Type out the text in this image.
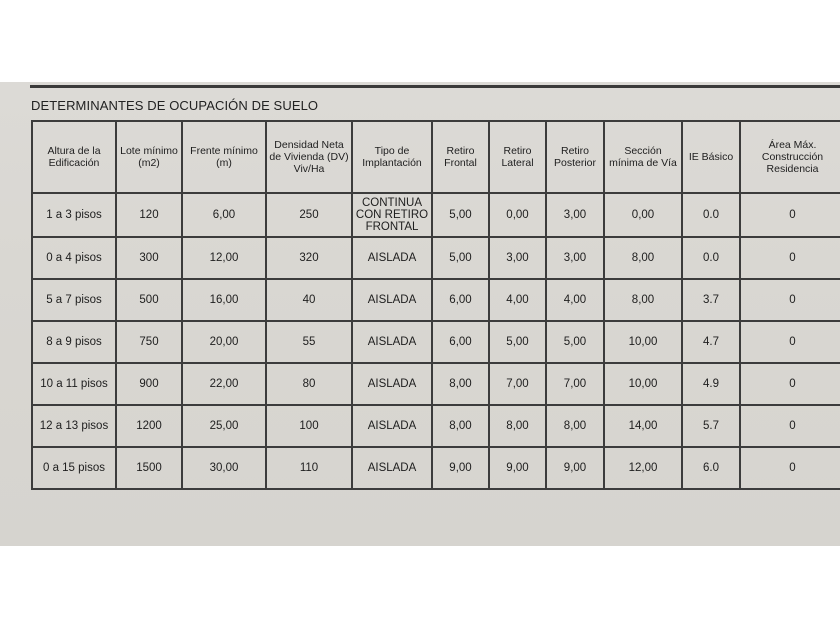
DETERMINANTES DE OCUPACIÓN DE SUELO
Altura de la Edificación	Lote mínimo (m2)	Frente mínimo (m)	Densidad Neta de Vivienda (DV) Viv/Ha	Tipo de Implantación	Retiro Frontal	Retiro Lateral	Retiro Posterior	Sección mínima de Vía	IE Básico	Área Máx. Construcción Residencia

1 a 3 pisos	120	6,00	250	CONTINUA CON RETIRO FRONTAL	5,00	0,00	3,00	0,00	0.0	0
0 a 4 pisos	300	12,00	320	AISLADA	5,00	3,00	3,00	8,00	0.0	0
5 a 7 pisos	500	16,00	40	AISLADA	6,00	4,00	4,00	8,00	3.7	0
8 a 9 pisos	750	20,00	55	AISLADA	6,00	5,00	5,00	10,00	4.7	0
10 a 11 pisos	900	22,00	80	AISLADA	8,00	7,00	7,00	10,00	4.9	0
12 a 13 pisos	1200	25,00	100	AISLADA	8,00	8,00	8,00	14,00	5.7	0
0 a 15 pisos	1500	30,00	110	AISLADA	9,00	9,00	9,00	12,00	6.0	0
